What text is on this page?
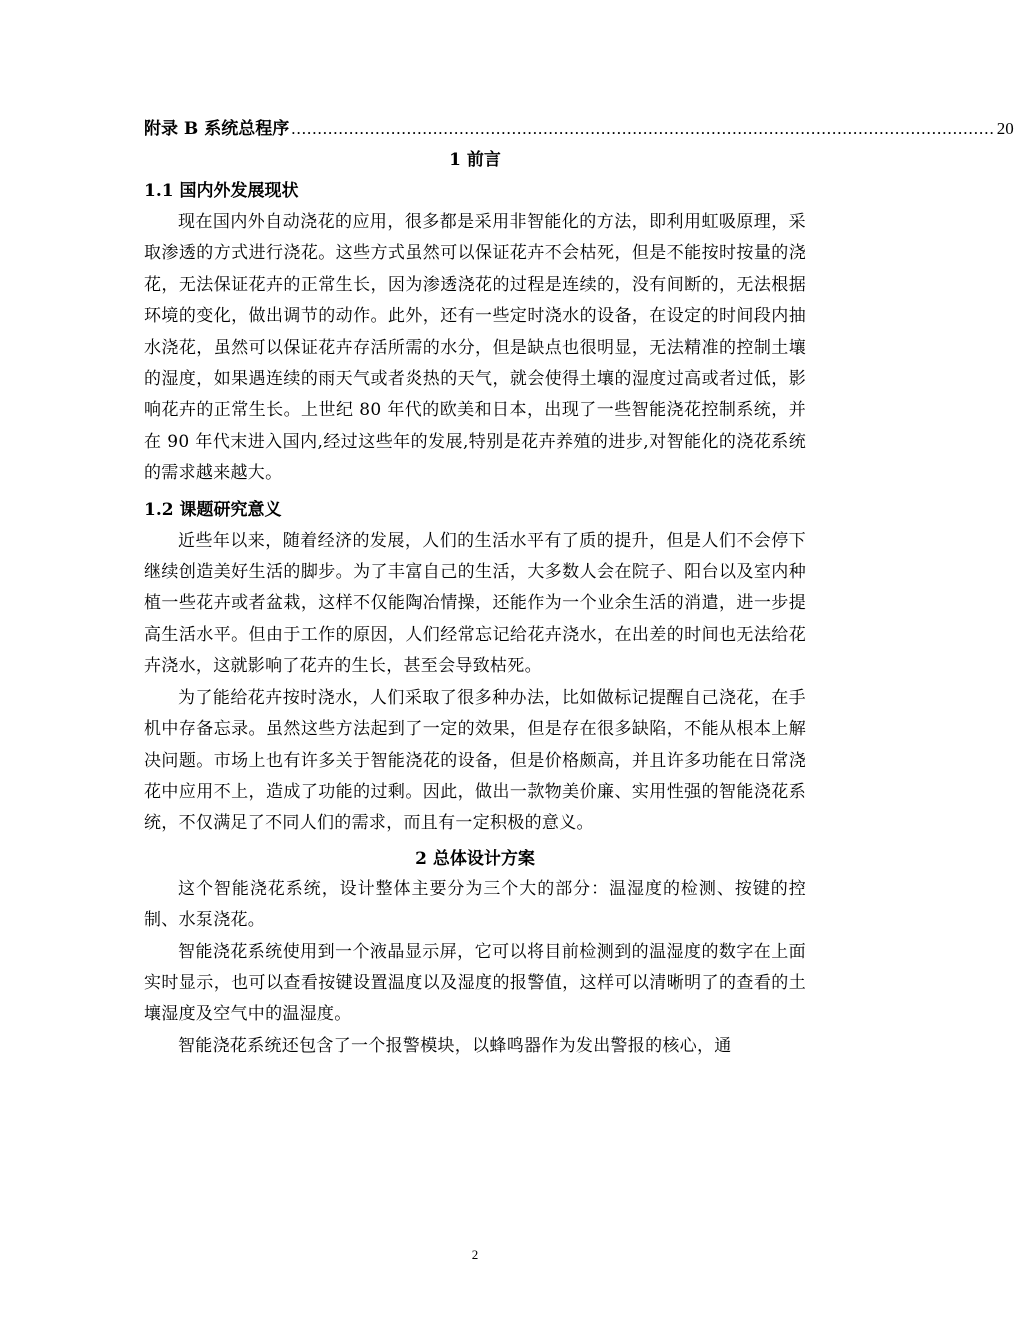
附录 B 系统总程序 ...................................................................................................................................... 20
1 前言
1.1 国内外发展现状

现在国内外自动浇花的应用，很多都是采用非智能化的方法，即利用虹吸原理，采取渗透的方式进行浇花。这些方式虽然可以保证花卉不会枯死，但是不能按时按量的浇花，无法保证花卉的正常生长，因为渗透浇花的过程是连续的，没有间断的，无法根据环境的变化，做出调节的动作。此外，还有一些定时浇水的设备，在设定的时间段内抽水浇花，虽然可以保证花卉存活所需的水分，但是缺点也很明显，无法精准的控制土壤的湿度，如果遇连续的雨天气或者炎热的天气，就会使得土壤的湿度过高或者过低，影响花卉的正常生长。上世纪 80 年代的欧美和日本，出现了一些智能浇花控制系统，并在 90 年代末进入国内,经过这些年的发展,特别是花卉养殖的进步,对智能化的浇花系统的需求越来越大。

1.2 课题研究意义

近些年以来，随着经济的发展，人们的生活水平有了质的提升，但是人们不会停下继续创造美好生活的脚步。为了丰富自己的生活，大多数人会在院子、阳台以及室内种植一些花卉或者盆栽，这样不仅能陶冶情操，还能作为一个业余生活的消遣，进一步提高生活水平。但由于工作的原因，人们经常忘记给花卉浇水，在出差的时间也无法给花卉浇水，这就影响了花卉的生长，甚至会导致枯死。

为了能给花卉按时浇水，人们采取了很多种办法，比如做标记提醒自己浇花，在手机中存备忘录。虽然这些方法起到了一定的效果，但是存在很多缺陷，不能从根本上解决问题。市场上也有许多关于智能浇花的设备，但是价格颇高，并且许多功能在日常浇花中应用不上，造成了功能的过剩。因此，做出一款物美价廉、实用性强的智能浇花系统，不仅满足了不同人们的需求，而且有一定积极的意义。

2 总体设计方案

这个智能浇花系统，设计整体主要分为三个大的部分：温湿度的检测、按键的控制、水泵浇花。

智能浇花系统使用到一个液晶显示屏，它可以将目前检测到的温湿度的数字在上面实时显示，也可以查看按键设置温度以及湿度的报警值，这样可以清晰明了的查看的土壤湿度及空气中的温湿度。

智能浇花系统还包含了一个报警模块，以蜂鸣器作为发出警报的核心，通

2
